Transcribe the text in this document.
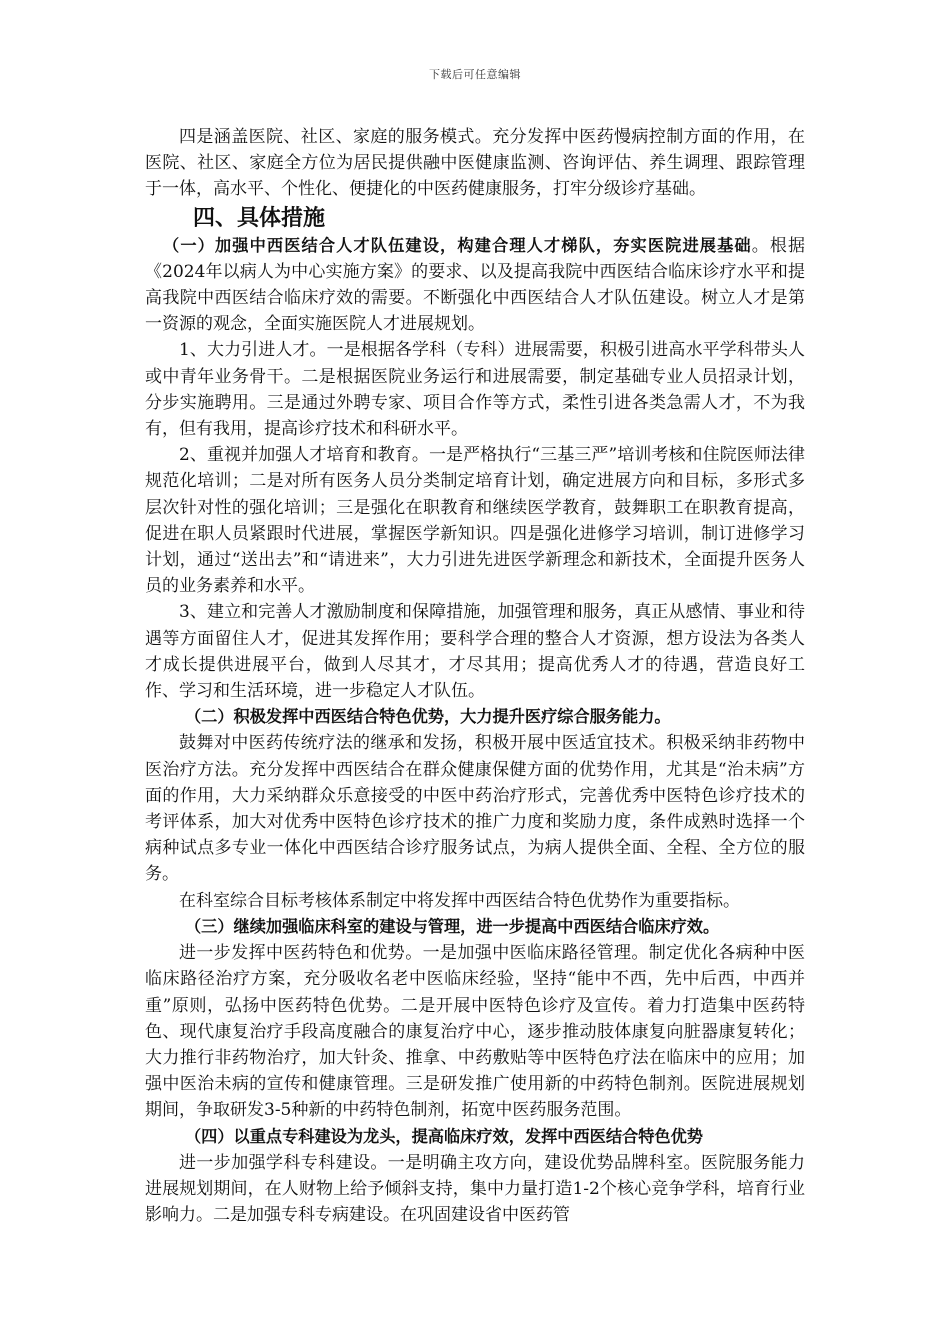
下载后可任意编辑

四是涵盖医院、社区、家庭的服务模式。充分发挥中医药慢病控制方面的作用，在医院、社区、家庭全方位为居民提供融中医健康监测、咨询评估、养生调理、跟踪管理于一体，高水平、个性化、便捷化的中医药健康服务，打牢分级诊疗基础。

四、具体措施

（一）加强中西医结合人才队伍建设，构建合理人才梯队，夯实医院进展基础。根据《2024年以病人为中心实施方案》的要求、以及提高我院中西医结合临床诊疗水平和提高我院中西医结合临床疗效的需要。不断强化中西医结合人才队伍建设。树立人才是第一资源的观念，全面实施医院人才进展规划。

1、大力引进人才。一是根据各学科（专科）进展需要，积极引进高水平学科带头人或中青年业务骨干。二是根据医院业务运行和进展需要，制定基础专业人员招录计划，分步实施聘用。三是通过外聘专家、项目合作等方式，柔性引进各类急需人才，不为我有，但有我用，提高诊疗技术和科研水平。

2、重视并加强人才培育和教育。一是严格执行“三基三严”培训考核和住院医师法律规范化培训；二是对所有医务人员分类制定培育计划，确定进展方向和目标，多形式多层次针对性的强化培训；三是强化在职教育和继续医学教育，鼓舞职工在职教育提高，促进在职人员紧跟时代进展，掌握医学新知识。四是强化进修学习培训，制订进修学习计划，通过“送出去”和“请进来”，大力引进先进医学新理念和新技术，全面提升医务人员的业务素养和水平。

3、建立和完善人才激励制度和保障措施，加强管理和服务，真正从感情、事业和待遇等方面留住人才，促进其发挥作用；要科学合理的整合人才资源，想方设法为各类人才成长提供进展平台，做到人尽其才，才尽其用；提高优秀人才的待遇，营造良好工作、学习和生活环境，进一步稳定人才队伍。

（二）积极发挥中西医结合特色优势，大力提升医疗综合服务能力。

鼓舞对中医药传统疗法的继承和发扬，积极开展中医适宜技术。积极采纳非药物中医治疗方法。充分发挥中西医结合在群众健康保健方面的优势作用，尤其是“治未病”方面的作用，大力采纳群众乐意接受的中医中药治疗形式，完善优秀中医特色诊疗技术的考评体系，加大对优秀中医特色诊疗技术的推广力度和奖励力度，条件成熟时选择一个病种试点多专业一体化中西医结合诊疗服务试点，为病人提供全面、全程、全方位的服务。

在科室综合目标考核体系制定中将发挥中西医结合特色优势作为重要指标。

（三）继续加强临床科室的建设与管理，进一步提高中西医结合临床疗效。

进一步发挥中医药特色和优势。一是加强中医临床路径管理。制定优化各病种中医临床路径治疗方案，充分吸收名老中医临床经验，坚持“能中不西，先中后西，中西并重”原则，弘扬中医药特色优势。二是开展中医特色诊疗及宣传。着力打造集中医药特色、现代康复治疗手段高度融合的康复治疗中心，逐步推动肢体康复向脏器康复转化；大力推行非药物治疗，加大针灸、推拿、中药敷贴等中医特色疗法在临床中的应用；加强中医治未病的宣传和健康管理。三是研发推广使用新的中药特色制剂。医院进展规划期间，争取研发3-5种新的中药特色制剂，拓宽中医药服务范围。

（四）以重点专科建设为龙头，提高临床疗效，发挥中西医结合特色优势

进一步加强学科专科建设。一是明确主攻方向，建设优势品牌科室。医院服务能力进展规划期间，在人财物上给予倾斜支持，集中力量打造1-2个核心竞争学科，培育行业影响力。二是加强专科专病建设。在巩固建设省中医药管
